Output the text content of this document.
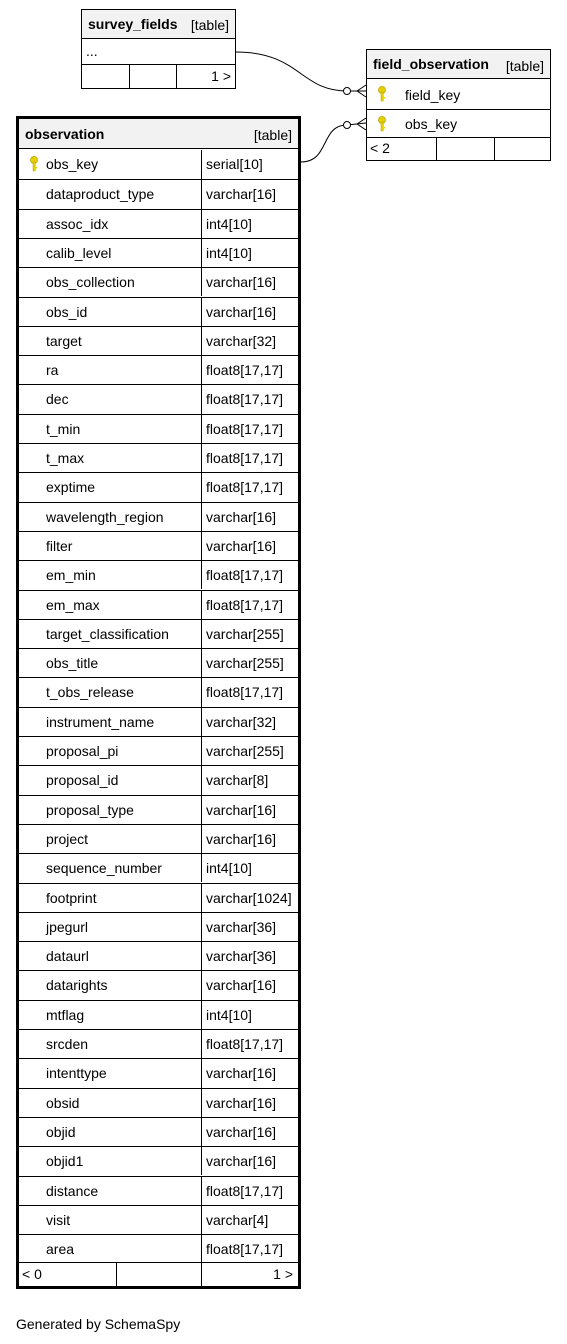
survey_fields [table]
...
1 >
field_observation [table]
field_key
obs_key
< 2
observation	[table]
obs_key	serial[10]
dataproduct_type	varchar[16]
assoc_idx	int4[10]
calib_level	int4[10]
obs_collection	varchar[16]
obs_id	varchar[16]
target	varchar[32]
ra	float8[17,17]
dec	float8[17,17]
t_min	float8[17,17]
t_max	float8[17,17]
exptime	float8[17,17]
wavelength_region	varchar[16]
filter	varchar[16]
em_min	float8[17,17]
em_max	float8[17,17]
target_classification	varchar[255]
obs_title	varchar[255]
t_obs_release	float8[17,17]
instrument_name	varchar[32]
proposal_pi	varchar[255]
proposal_id	varchar[8]
proposal_type	varchar[16]
project	varchar[16]
sequence_number	int4[10]
footprint	varchar[1024]
jpegurl	varchar[36]
dataurl	varchar[36]
datarights	varchar[16]
mtflag	int4[10]
srcden	float8[17,17]
intenttype	varchar[16]
obsid	varchar[16]
objid	varchar[16]
objid1	varchar[16]
distance	float8[17,17]
visit	varchar[4]
area	float8[17,17]
< 0	1 >
Generated by SchemaSpy
